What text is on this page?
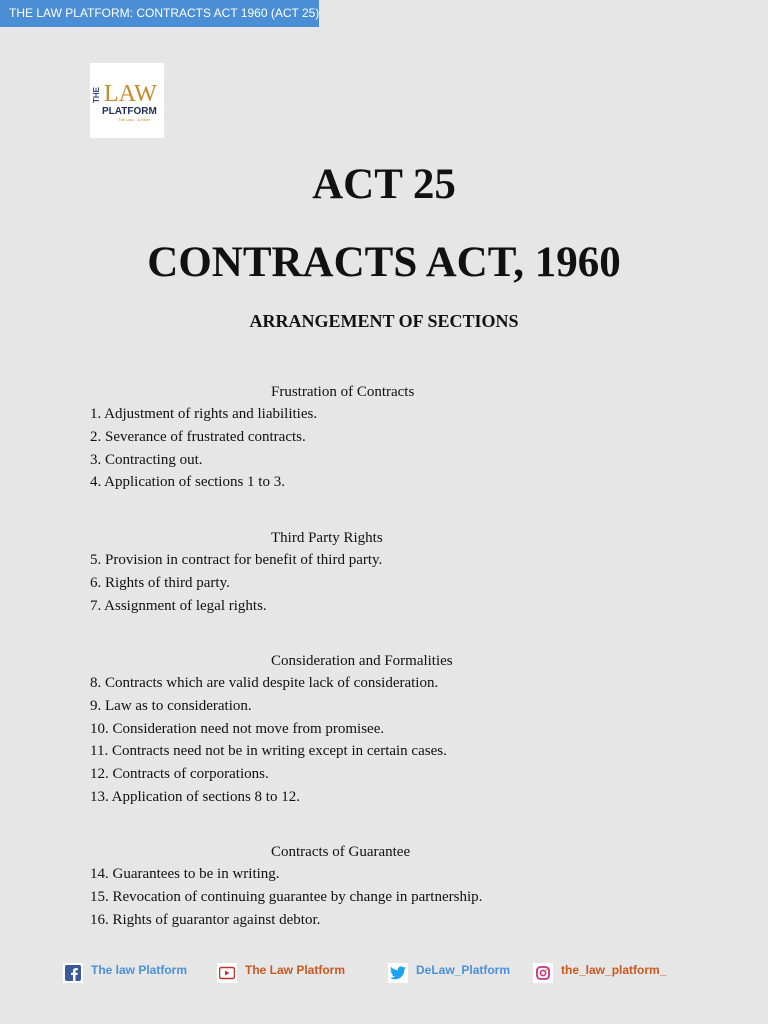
THE LAW PLATFORM: CONTRACTS ACT 1960 (ACT 25)
THE LAW
PLATFORM
The Law... & More
ACT 25
CONTRACTS ACT, 1960
ARRANGEMENT OF SECTIONS
Frustration of Contracts
1. Adjustment of rights and liabilities.
2. Severance of frustrated contracts.
3. Contracting out.
4. Application of sections 1 to 3.
Third Party Rights
5. Provision in contract for benefit of third party.
6. Rights of third party.
7. Assignment of legal rights.
Consideration and Formalities
8. Contracts which are valid despite lack of consideration.
9. Law as to consideration.
10. Consideration need not move from promisee.
11. Contracts need not be in writing except in certain cases.
12. Contracts of corporations.
13. Application of sections 8 to 12.
Contracts of Guarantee
14. Guarantees to be in writing.
15. Revocation of continuing guarantee by change in partnership.
16. Rights of guarantor against debtor.
The law Platform	The Law Platform	DeLaw_Platform	the_law_platform_
